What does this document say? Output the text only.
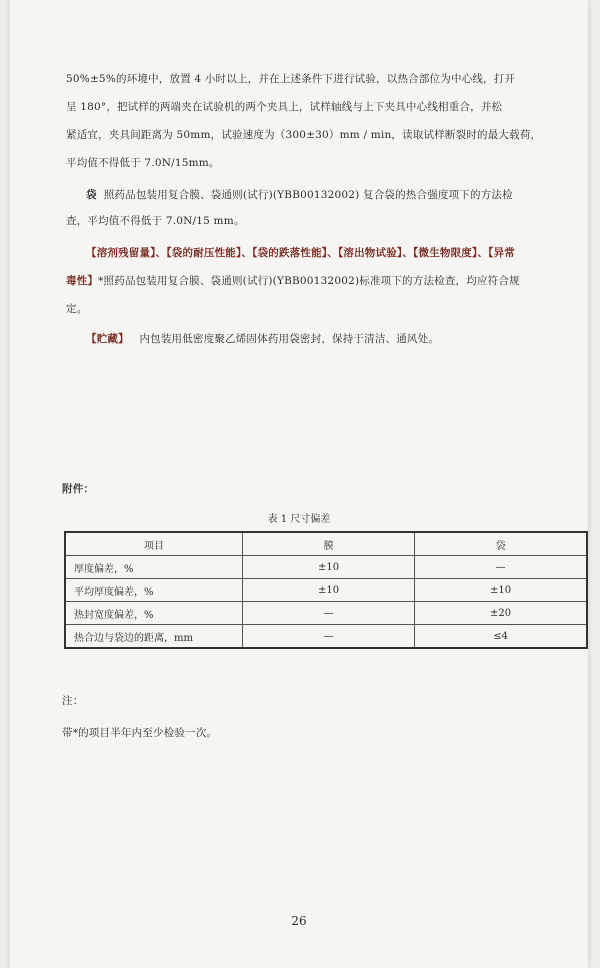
50%±5%的环境中，放置 4 小时以上，并在上述条件下进行试验，以热合部位为中心线，打开
呈 180°，把试样的两端夹在试验机的两个夹具上，试样轴线与上下夹具中心线相重合，并松
紧适宜，夹具间距离为 50mm，试验速度为（300±30）mm / min，读取试样断裂时的最大载荷，
平均值不得低于 7.0N/15mm。
袋 照药品包装用复合膜、袋通则(试行)(YBB00132002) 复合袋的热合强度项下的方法检
查，平均值不得低于 7.0N/15 mm。
【溶剂残留量】、【袋的耐压性能】、【袋的跌落性能】、【溶出物试验】、【微生物限度】、【异常
毒性】*照药品包装用复合膜、袋通则(试行)(YBB00132002)标准项下的方法检查，均应符合规
定。
【贮藏】 内包装用低密度聚乙烯固体药用袋密封，保持于清洁、通风处。
附件：
表 1 尺寸偏差
项目	膜	袋
厚度偏差，%	±10	—
平均厚度偏差，%	±10	±10
热封宽度偏差，%	—	±20
热合边与袋边的距离，mm	—	≤4
注：
带*的项目半年内至少检验一次。
26
